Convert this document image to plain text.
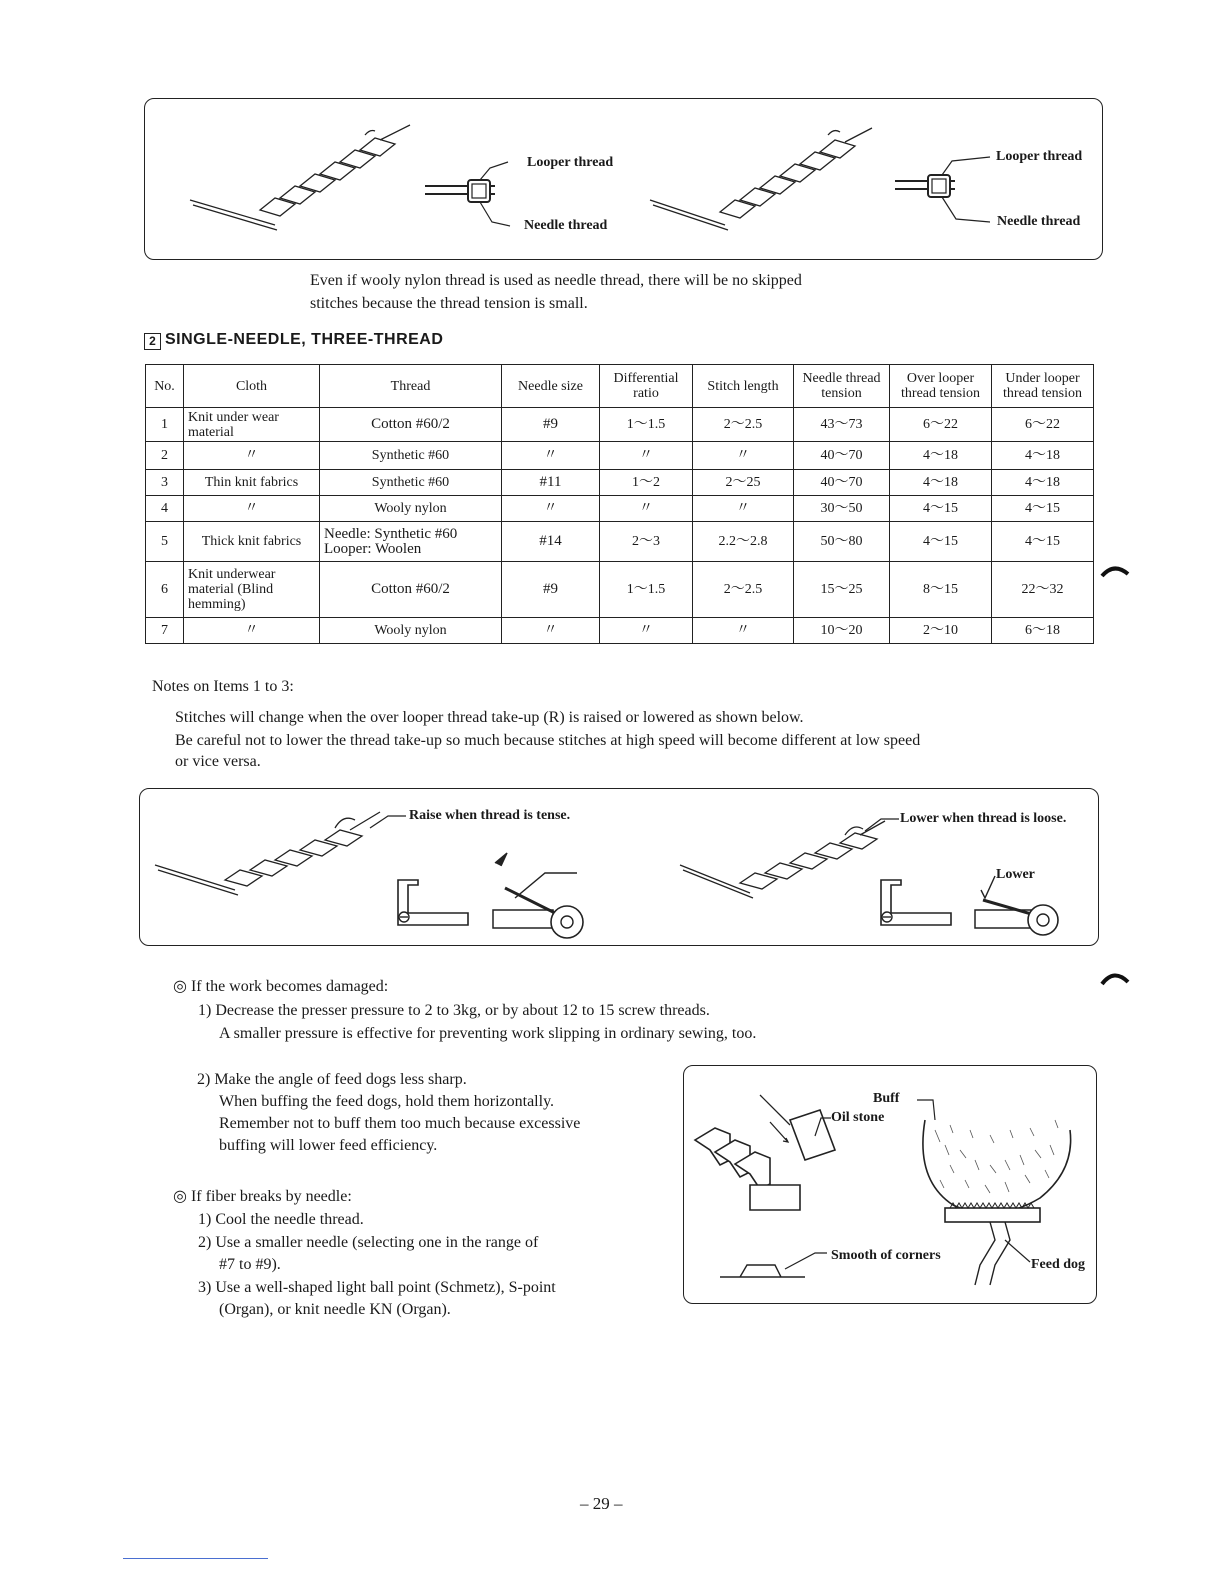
Looper thread
Needle thread
Looper thread
Needle thread
Even if wooly nylon thread is used as needle thread, there will be no skipped
stitches because the thread tension is small.
2 SINGLE-NEEDLE, THREE-THREAD
No.	Cloth	Thread	Needle size	Differential ratio	Stitch length	Needle thread tension	Over looper thread tension	Under looper thread tension
1	Knit under wear material	Cotton #60/2	#9	1～1.5	2～2.5	43～73	6～22	6～22
2	〃	Synthetic #60	〃	〃	〃	40～70	4～18	4～18
3	Thin knit fabrics	Synthetic #60	#11	1～2	2～25	40～70	4～18	4～18
4	〃	Wooly nylon	〃	〃	〃	30～50	4～15	4～15
5	Thick knit fabrics	Needle: Synthetic #60 Looper: Woolen	#14	2～3	2.2～2.8	50～80	4～15	4～15
6	Knit underwear material (Blind hemming)	Cotton #60/2	#9	1～1.5	2～2.5	15～25	8～15	22～32
7	〃	Wooly nylon	〃	〃	〃	10～20	2～10	6～18
Notes on Items 1 to 3:
Stitches will change when the over looper thread take-up (R) is raised or lowered as shown below.
Be careful not to lower the thread take-up so much because stitches at high speed will become different at low speed
or vice versa.
Raise when thread is tense.	Lower when thread is loose.
Lower
◎ If the work becomes damaged:
1) Decrease the presser pressure to 2 to 3kg, or by about 12 to 15 screw threads.
A smaller pressure is effective for preventing work slipping in ordinary sewing, too.
2) Make the angle of feed dogs less sharp.
When buffing the feed dogs, hold them horizontally.
Remember not to buff them too much because excessive
buffing will lower feed efficiency.
◎ If fiber breaks by needle:
1) Cool the needle thread.
2) Use a smaller needle (selecting one in the range of
#7 to #9).
3) Use a well-shaped light ball point (Schmetz), S-point
(Organ), or knit needle KN (Organ).
Oil stone
Buff
Feed dog
Smooth of corners
– 29 –
